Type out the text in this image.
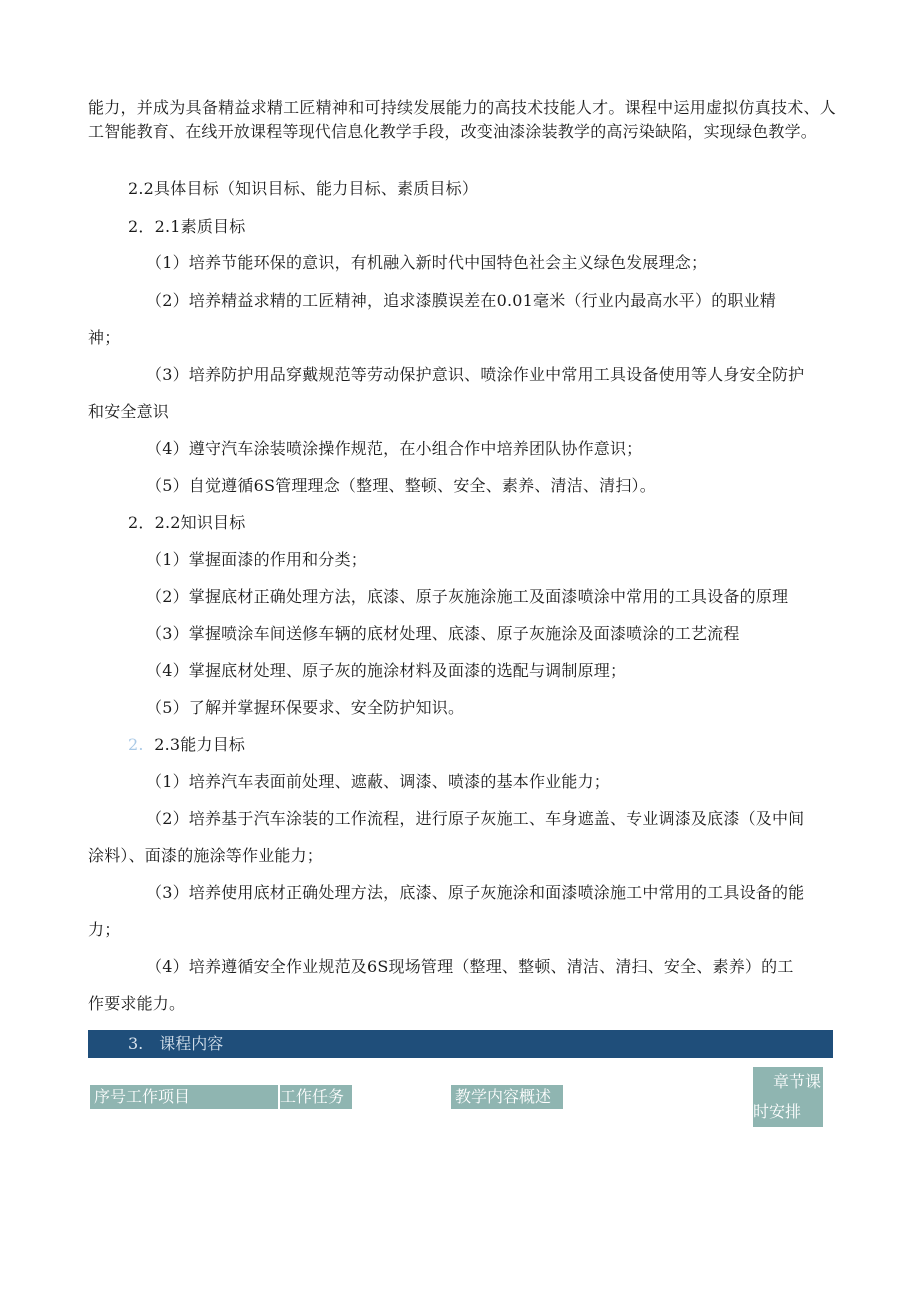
能力，并成为具备精益求精工匠精神和可持续发展能力的高技术技能人才。课程中运用虚拟仿真技术、人工智能教育、在线开放课程等现代信息化教学手段，改变油漆涂装教学的高污染缺陷，实现绿色教学。

2.2具体目标（知识目标、能力目标、素质目标）

2．2.1素质目标

（1）培养节能环保的意识，有机融入新时代中国特色社会主义绿色发展理念；

（2）培养精益求精的工匠精神，追求漆膜误差在0.01毫米（行业内最高水平）的职业精

神；

（3）培养防护用品穿戴规范等劳动保护意识、喷涂作业中常用工具设备使用等人身安全防护

和安全意识

（4）遵守汽车涂装喷涂操作规范，在小组合作中培养团队协作意识；

（5）自觉遵循6S管理理念（整理、整顿、安全、素养、清洁、清扫）。

2．2.2知识目标

（1）掌握面漆的作用和分类；

（2）掌握底材正确处理方法，底漆、原子灰施涂施工及面漆喷涂中常用的工具设备的原理

（3）掌握喷涂车间送修车辆的底材处理、底漆、原子灰施涂及面漆喷涂的工艺流程

（4）掌握底材处理、原子灰的施涂材料及面漆的选配与调制原理；

（5）了解并掌握环保要求、安全防护知识。

2. 2.3能力目标

（1）培养汽车表面前处理、遮蔽、调漆、喷漆的基本作业能力；

（2）培养基于汽车涂装的工作流程，进行原子灰施工、车身遮盖、专业调漆及底漆（及中间

涂料）、面漆的施涂等作业能力；

（3）培养使用底材正确处理方法，底漆、原子灰施涂和面漆喷涂施工中常用的工具设备的能

力；

（4）培养遵循安全作业规范及6S现场管理（整理、整顿、清洁、清扫、安全、素养）的工

作要求能力。

3.　课程内容
序号工作项目	工作任务	教学内容概述
章节课
时安排
